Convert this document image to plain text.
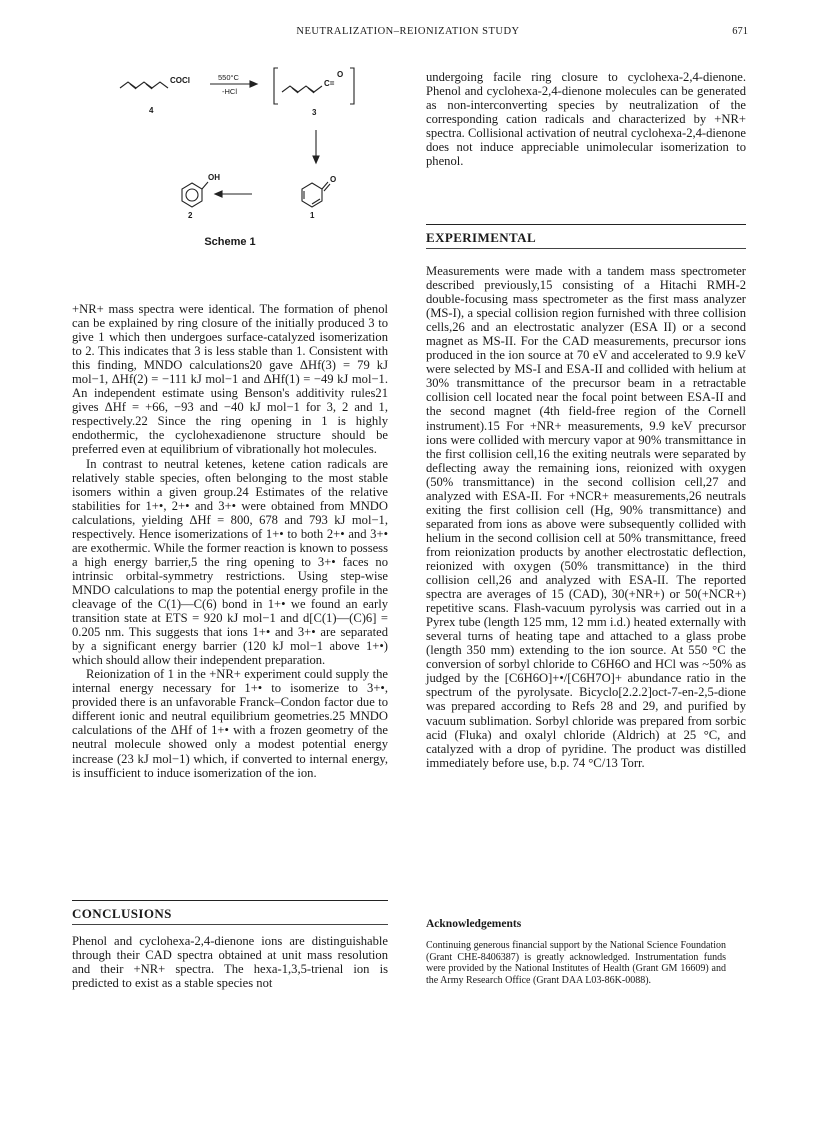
NEUTRALIZATION–REIONIZATION STUDY	671
COCl	550°C
-HCl
C=
O
OH	O
4	3
2	1
Scheme 1

+NR+ mass spectra were identical. The formation of phenol can be explained by ring closure of the initially produced 3 to give 1 which then undergoes surface-catalyzed isomerization to 2. This indicates that 3 is less stable than 1. Consistent with this finding, MNDO calculations20 gave ΔHf(3) = 79 kJ mol−1, ΔHf(2) = −111 kJ mol−1 and ΔHf(1) = −49 kJ mol−1. An independent estimate using Benson's additivity rules21 gives ΔHf = +66, −93 and −40 kJ mol−1 for 3, 2 and 1, respectively.22 Since the ring opening in 1 is highly endothermic, the cyclohexadienone structure should be preferred even at equilibrium of vibrationally hot molecules.

In contrast to neutral ketenes, ketene cation radicals are relatively stable species, often belonging to the most stable isomers within a given group.24 Estimates of the relative stabilities for 1+•, 2+• and 3+• were obtained from MNDO calculations, yielding ΔHf = 800, 678 and 793 kJ mol−1, respectively. Hence isomerizations of 1+• to both 2+• and 3+• are exothermic. While the former reaction is known to possess a high energy barrier,5 the ring opening to 3+• faces no intrinsic orbital-symmetry restrictions. Using step-wise MNDO calculations to map the potential energy profile in the cleavage of the C(1)—C(6) bond in 1+• we found an early transition state at ETS = 920 kJ mol−1 and d[C(1)—(C)6] = 0.205 nm. This suggests that ions 1+• and 3+• are separated by a significant energy barrier (120 kJ mol−1 above 1+•) which should allow their independent preparation.

Reionization of 1 in the +NR+ experiment could supply the internal energy necessary for 1+• to isomerize to 3+•, provided there is an unfavorable Franck–Condon factor due to different ionic and neutral equilibrium geometries.25 MNDO calculations of the ΔHf of 1+• with a frozen geometry of the neutral molecule showed only a modest potential energy increase (23 kJ mol−1) which, if converted to internal energy, is insufficient to induce isomerization of the ion.

CONCLUSIONS

Phenol and cyclohexa-2,4-dienone ions are distinguishable through their CAD spectra obtained at unit mass resolution and their +NR+ spectra. The hexa-1,3,5-trienal ion is predicted to exist as a stable species not

undergoing facile ring closure to cyclohexa-2,4-dienone. Phenol and cyclohexa-2,4-dienone molecules can be generated as non-interconverting species by neutralization of the corresponding cation radicals and characterized by +NR+ spectra. Collisional activation of neutral cyclohexa-2,4-dienone does not induce appreciable unimolecular isomerization to phenol.

EXPERIMENTAL

Measurements were made with a tandem mass spectrometer described previously,15 consisting of a Hitachi RMH-2 double-focusing mass spectrometer as the first mass analyzer (MS-I), a special collision region furnished with three collision cells,26 and an electrostatic analyzer (ESA II) or a second magnet as MS-II. For the CAD measurements, precursor ions produced in the ion source at 70 eV and accelerated to 9.9 keV were selected by MS-I and ESA-II and collided with helium at 30% transmittance of the precursor beam in a retractable collision cell located near the focal point between ESA-II and the second magnet (4th field-free region of the Cornell instrument).15 For +NR+ measurements, 9.9 keV precursor ions were collided with mercury vapor at 90% transmittance in the first collision cell,16 the exiting neutrals were separated by deflecting away the remaining ions, reionized with oxygen (50% transmittance) in the second collision cell,27 and analyzed with ESA-II. For +NCR+ measurements,26 neutrals exiting the first collision cell (Hg, 90% transmittance) and separated from ions as above were subsequently collided with helium in the second collision cell at 50% transmittance, freed from reionization products by another electrostatic deflection, reionized with oxygen (50% transmittance) in the third collision cell,26 and analyzed with ESA-II. The reported spectra are averages of 15 (CAD), 30(+NR+) or 50(+NCR+) repetitive scans. Flash-vacuum pyrolysis was carried out in a Pyrex tube (length 125 mm, 12 mm i.d.) heated externally with several turns of heating tape and attached to a glass probe (length 350 mm) extending to the ion source. At 550 °C the conversion of sorbyl chloride to C6H6O and HCl was ~50% as judged by the [C6H6O]+•/[C6H7O]+ abundance ratio in the spectrum of the pyrolysate. Bicyclo[2.2.2]oct-7-en-2,5-dione was prepared according to Refs 28 and 29, and purified by vacuum sublimation. Sorbyl chloride was prepared from sorbic acid (Fluka) and oxalyl chloride (Aldrich) at 25 °C, and catalyzed with a drop of pyridine. The product was distilled immediately before use, b.p. 74 °C/13 Torr.

Acknowledgements
Continuing generous financial support by the National Science Foundation (Grant CHE-8406387) is greatly acknowledged. Instrumentation funds were provided by the National Institutes of Health (Grant GM 16609) and the Army Research Office (Grant DAA L03-86K-0088).
